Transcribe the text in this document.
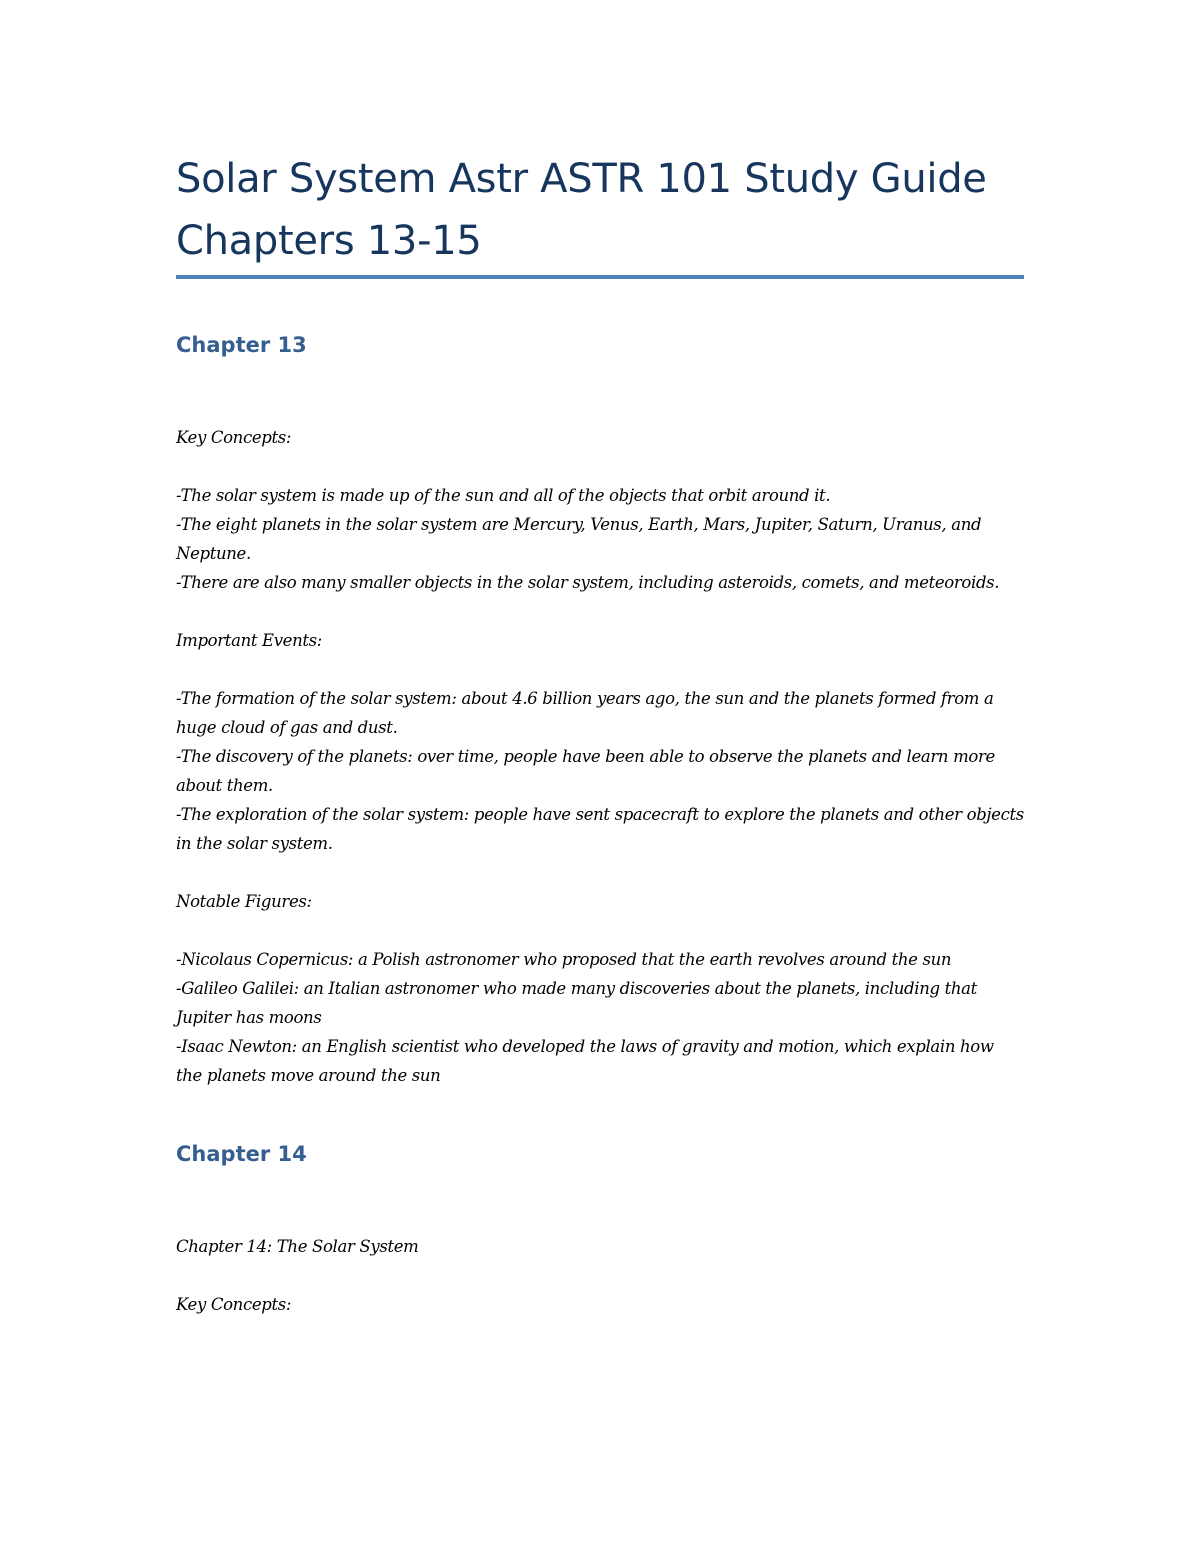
Solar System Astr ASTR 101 Study Guide
Chapters 13-15
Chapter 13

Key Concepts:

-The solar system is made up of the sun and all of the objects that orbit around it.
-The eight planets in the solar system are Mercury, Venus, Earth, Mars, Jupiter, Saturn, Uranus, and Neptune.
-There are also many smaller objects in the solar system, including asteroids, comets, and meteoroids.

Important Events:

-The formation of the solar system: about 4.6 billion years ago, the sun and the planets formed from a huge cloud of gas and dust.
-The discovery of the planets: over time, people have been able to observe the planets and learn more about them.
-The exploration of the solar system: people have sent spacecraft to explore the planets and other objects in the solar system.

Notable Figures:

-Nicolaus Copernicus: a Polish astronomer who proposed that the earth revolves around the sun
-Galileo Galilei: an Italian astronomer who made many discoveries about the planets, including that Jupiter has moons
-Isaac Newton: an English scientist who developed the laws of gravity and motion, which explain how the planets move around the sun
Chapter 14

Chapter 14: The Solar System

Key Concepts:
